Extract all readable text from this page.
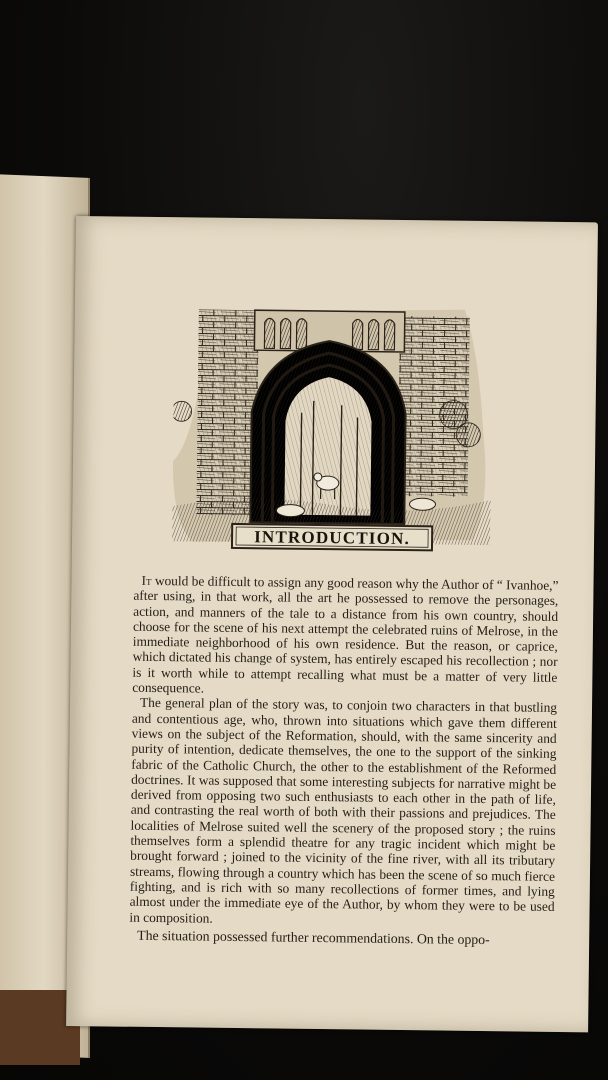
INTRODUCTION.

It would be difficult to assign any good reason why the Author of “ Ivanhoe,” after using, in that work, all the art he possessed to remove the personages, action, and manners of the tale to a distance from his own country, should choose for the scene of his next attempt the celebrated ruins of Melrose, in the immediate neighborhood of his own residence. But the reason, or caprice, which dictated his change of system, has entirely escaped his recollection ; nor is it worth while to attempt recalling what must be a matter of very little consequence.

The general plan of the story was, to conjoin two characters in that bustling and contentious age, who, thrown into situations which gave them different views on the subject of the Reformation, should, with the same sincerity and purity of intention, dedicate themselves, the one to the support of the sinking fabric of the Catholic Church, the other to the establishment of the Reformed doctrines. It was supposed that some interesting subjects for narrative might be derived from opposing two such enthusiasts to each other in the path of life, and contrasting the real worth of both with their passions and prejudices. The localities of Melrose suited well the scenery of the proposed story ; the ruins themselves form a splendid theatre for any tragic incident which might be brought forward ; joined to the vicinity of the fine river, with all its tributary streams, flowing through a country which has been the scene of so much fierce fighting, and is rich with so many recollections of former times, and lying almost under the immediate eye of the Author, by whom they were to be used in composition.

The situation possessed further recommendations. On the oppo-
